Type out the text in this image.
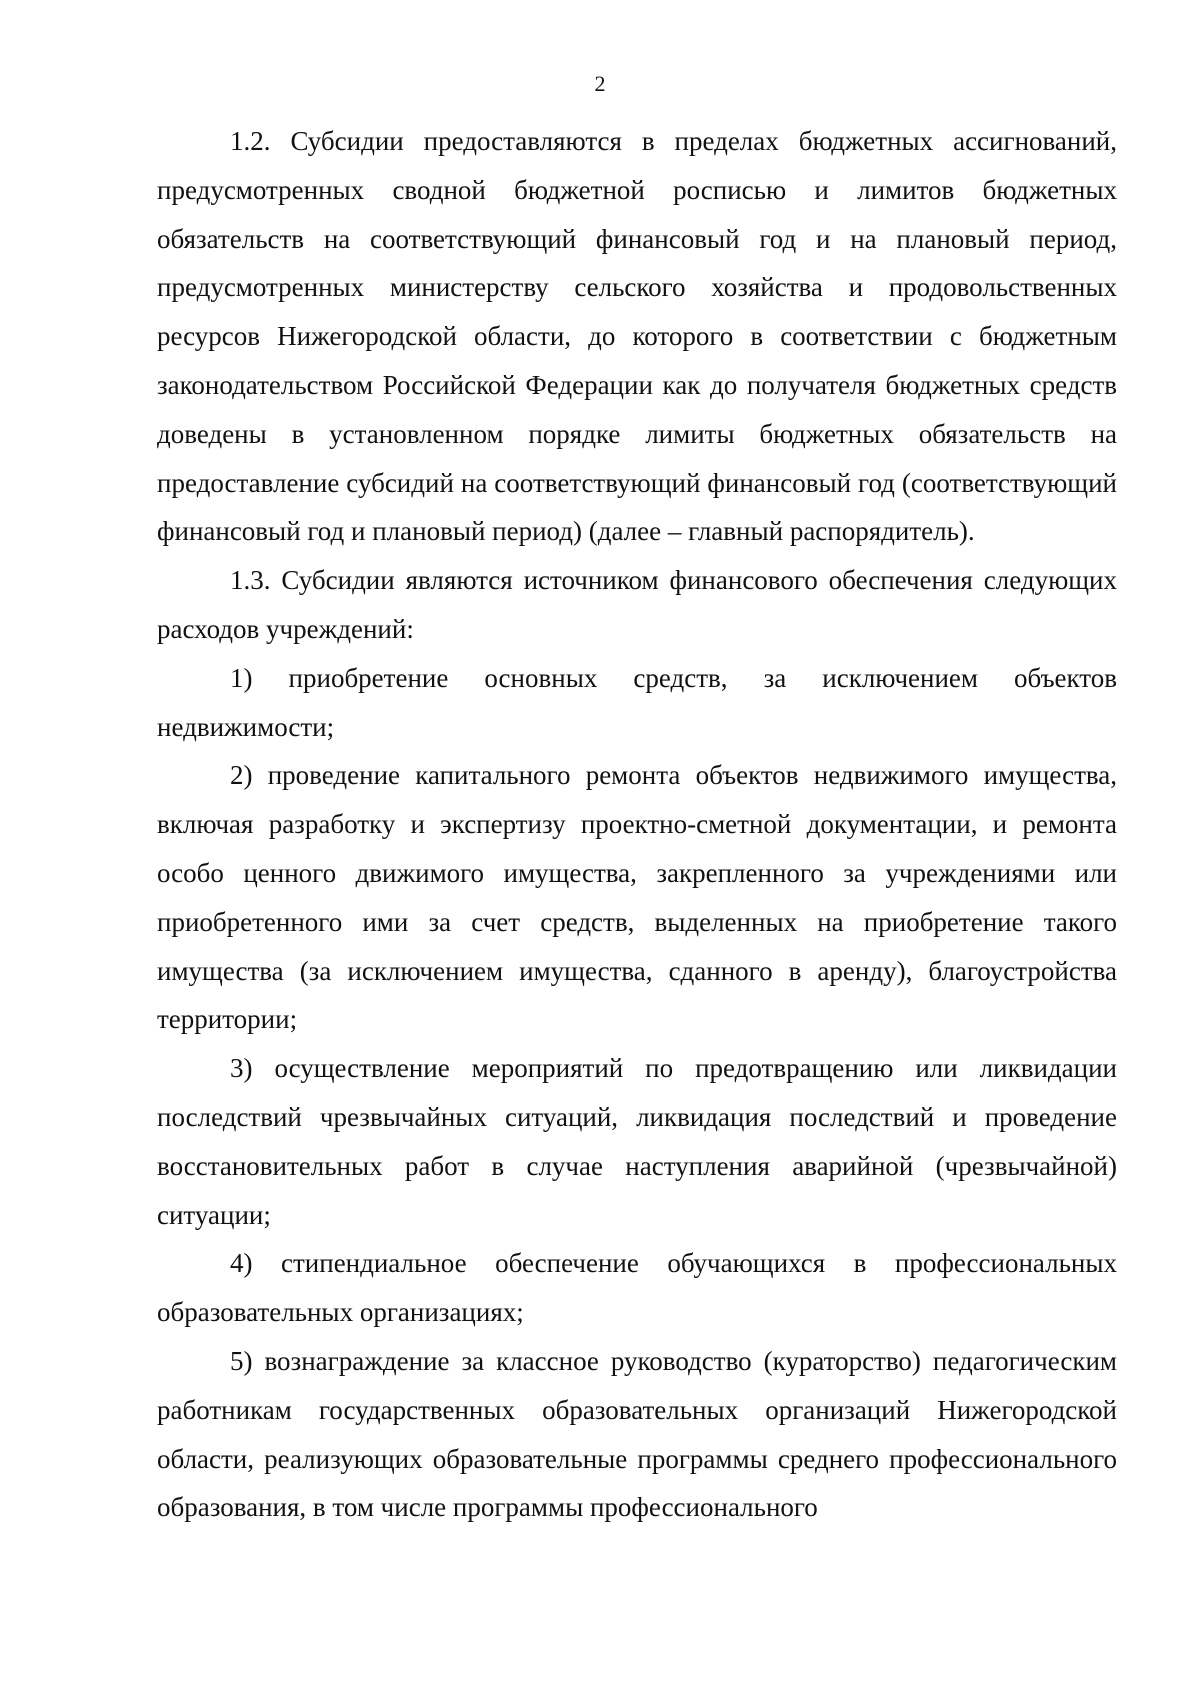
2

1.2. Субсидии предоставляются в пределах бюджетных ассигнований, предусмотренных сводной бюджетной росписью и лимитов бюджетных обязательств на соответствующий финансовый год и на плановый период, предусмотренных министерству сельского хозяйства и продовольственных ресурсов Нижегородской области, до которого в соответствии с бюджетным законодательством Российской Федерации как до получателя бюджетных средств доведены в установленном порядке лимиты бюджетных обязательств на предоставление субсидий на соответствующий финансовый год (соответствующий финансовый год и плановый период) (далее – главный распорядитель).

1.3. Субсидии являются источником финансового обеспечения следующих расходов учреждений:

1) приобретение основных средств, за исключением объектов недвижимости;

2) проведение капитального ремонта объектов недвижимого имущества, включая разработку и экспертизу проектно-сметной документации, и ремонта особо ценного движимого имущества, закрепленного за учреждениями или приобретенного ими за счет средств, выделенных на приобретение такого имущества (за исключением имущества, сданного в аренду), благоустройства территории;

3) осуществление мероприятий по предотвращению или ликвидации последствий чрезвычайных ситуаций, ликвидация последствий и проведение восстановительных работ в случае наступления аварийной (чрезвычайной) ситуации;

4) стипендиальное обеспечение обучающихся в профессиональных образовательных организациях;

5) вознаграждение за классное руководство (кураторство) педагогическим работникам государственных образовательных организаций Нижегородской области, реализующих образовательные программы среднего профессионального образования, в том числе программы профессионального
